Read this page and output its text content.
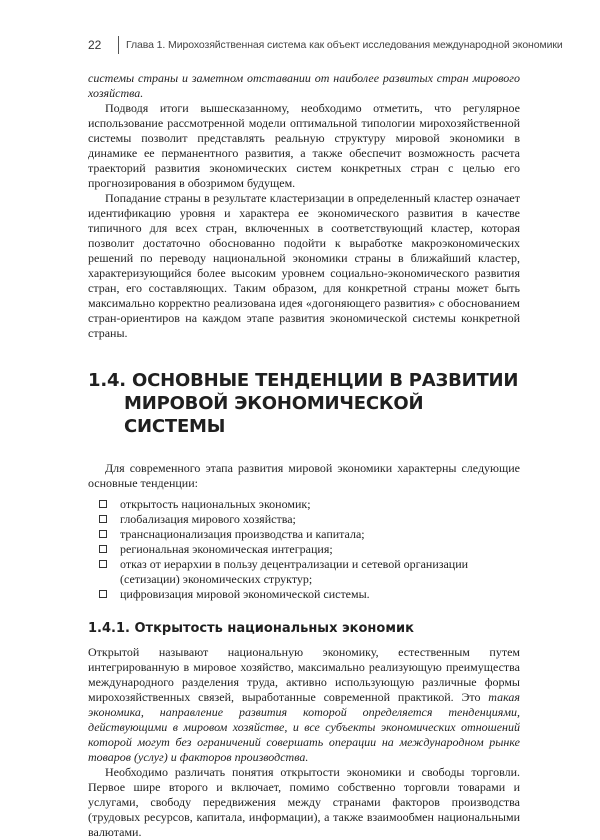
22 Глава 1. Мирохозяйственная система как объект исследования международной экономики

системы страны и заметном отставании от наиболее развитых стран мирового хозяйства.

Подводя итоги вышесказанному, необходимо отметить, что регулярное использование рассмотренной модели оптимальной типологии мирохозяйственной системы позволит представлять реальную структуру мировой экономики в динамике ее перманентного развития, а также обеспечит возможность расчета траекторий развития экономических систем конкретных стран с целью его прогнозирования в обозримом будущем.

Попадание страны в результате кластеризации в определенный кластер означает идентификацию уровня и характера ее экономического развития в качестве типичного для всех стран, включенных в соответствующий кластер, которая позволит достаточно обоснованно подойти к выработке макроэкономических решений по переводу национальной экономики страны в ближайший кластер, характеризующийся более высоким уровнем социально-экономического развития стран, его составляющих. Таким образом, для конкретной страны может быть максимально корректно реализована идея «догоняющего развития» с обоснованием стран-ориентиров на каждом этапе развития экономической системы конкретной страны.

1.4. ОСНОВНЫЕ ТЕНДЕНЦИИ В РАЗВИТИИ МИРОВОЙ ЭКОНОМИЧЕСКОЙ СИСТЕМЫ

Для современного этапа развития мировой экономики характерны следующие основные тенденции:

открытость национальных экономик;
глобализация мирового хозяйства;
транснационализация производства и капитала;
региональная экономическая интеграция;
отказ от иерархии в пользу децентрализации и сетевой организации (сетизации) экономических структур;
цифровизация мировой экономической системы.
1.4.1. Открытость национальных экономик

Открытой называют национальную экономику, естественным путем интегрированную в мировое хозяйство, максимально реализующую преимущества международного разделения труда, активно использующую различные формы мирохозяйственных связей, выработанные современной практикой. Это такая экономика, направление развития которой определяется тенденциями, действующими в мировом хозяйстве, и все субъекты экономических отношений которой могут без ограничений совершать операции на международном рынке товаров (услуг) и факторов производства.

Необходимо различать понятия открытости экономики и свободы торговли. Первое шире второго и включает, помимо собственно торговли товарами и услугами, свободу передвижения между странами факторов производства (трудовых ресурсов, капитала, информации), а также взаимообмен национальными валютами.
